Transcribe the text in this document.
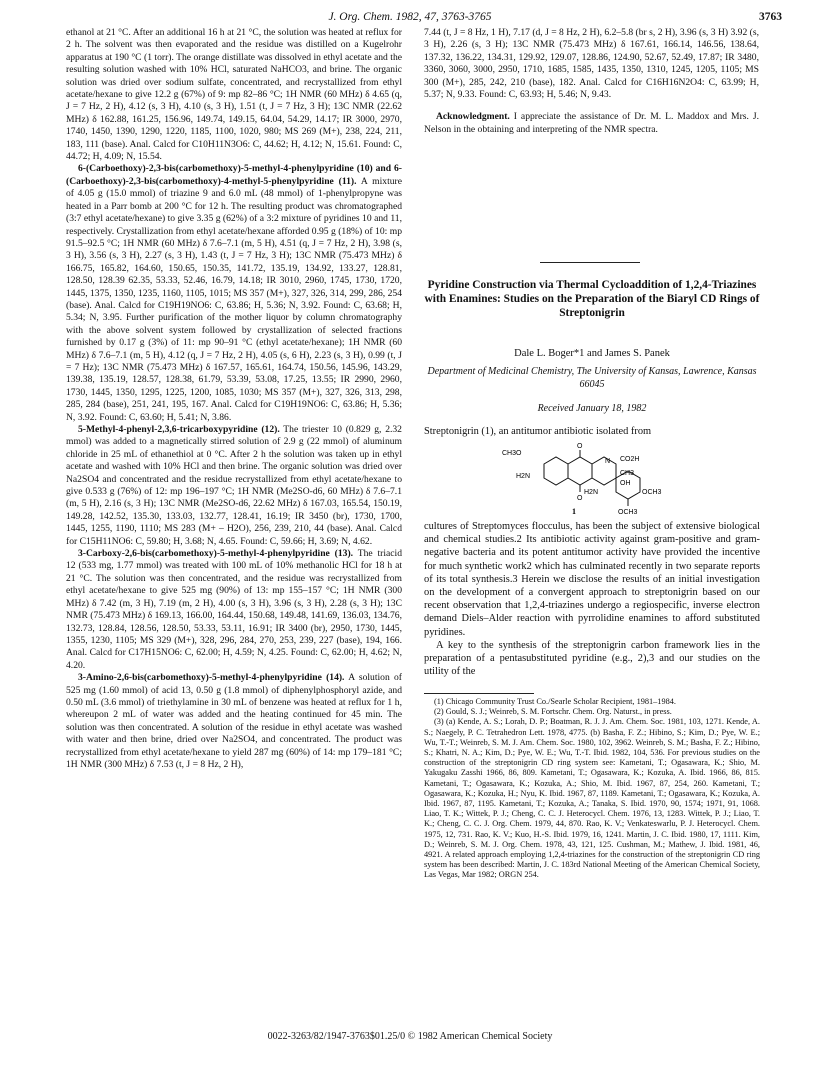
J. Org. Chem. 1982, 47, 3763-3765	3763

ethanol at 21 °C. After an additional 16 h at 21 °C, the solution was heated at reflux for 2 h. The solvent was then evaporated and the residue was distilled on a Kugelrohr apparatus at 190 °C (1 torr). The orange distillate was dissolved in ethyl acetate and the resulting solution washed with 10% HCl, saturated NaHCO3, and brine. The organic solution was dried over sodium sulfate, concentrated, and recrystallized from ethyl acetate/hexane to give 12.2 g (67%) of 9: mp 82–86 °C; 1H NMR (60 MHz) δ 4.65 (q, J = 7 Hz, 2 H), 4.12 (s, 3 H), 4.10 (s, 3 H), 1.51 (t, J = 7 Hz, 3 H); 13C NMR (22.62 MHz) δ 162.88, 161.25, 156.96, 149.74, 149.15, 64.04, 54.29, 14.17; IR 3000, 2970, 1740, 1450, 1390, 1290, 1220, 1185, 1100, 1020, 980; MS 269 (M+), 238, 224, 211, 183, 111 (base). Anal. Calcd for C10H11N3O6: C, 44.62; H, 4.12; N, 15.61. Found: C, 44.72; H, 4.09; N, 15.54.

6-(Carboethoxy)-2,3-bis(carbomethoxy)-5-methyl-4-phenylpyridine (10) and 6-(Carboethoxy)-2,3-bis(carbomethoxy)-4-methyl-5-phenylpyridine (11). A mixture of 4.05 g (15.0 mmol) of triazine 9 and 6.0 mL (48 mmol) of 1-phenylpropyne was heated in a Parr bomb at 200 °C for 12 h. The resulting product was chromatographed (3:7 ethyl acetate/hexane) to give 3.35 g (62%) of a 3:2 mixture of pyridines 10 and 11, respectively. Crystallization from ethyl acetate/hexane afforded 0.95 g (18%) of 10: mp 91.5–92.5 °C; 1H NMR (60 MHz) δ 7.6–7.1 (m, 5 H), 4.51 (q, J = 7 Hz, 2 H), 3.98 (s, 3 H), 3.56 (s, 3 H), 2.27 (s, 3 H), 1.43 (t, J = 7 Hz, 3 H); 13C NMR (75.473 MHz) δ 166.75, 165.82, 164.60, 150.65, 150.35, 141.72, 135.19, 134.92, 133.27, 128.81, 128.50, 128.39 62.35, 53.33, 52.46, 16.79, 14.18; IR 3010, 2960, 1745, 1730, 1720, 1445, 1375, 1350, 1235, 1160, 1105, 1015; MS 357 (M+), 327, 326, 314, 299, 286, 254 (base). Anal. Calcd for C19H19NO6: C, 63.86; H, 5.36; N, 3.92. Found: C, 63.68; H, 5.34; N, 3.95. Further purification of the mother liquor by column chromatography with the above solvent system followed by crystallization of selected fractions furnished by 0.17 g (3%) of 11: mp 90–91 °C (ethyl acetate/hexane); 1H NMR (60 MHz) δ 7.6–7.1 (m, 5 H), 4.12 (q, J = 7 Hz, 2 H), 4.05 (s, 6 H), 2.23 (s, 3 H), 0.99 (t, J = 7 Hz); 13C NMR (75.473 MHz) δ 167.57, 165.61, 164.74, 150.56, 145.96, 143.29, 139.38, 135.19, 128.57, 128.38, 61.79, 53.39, 53.08, 17.25, 13.55; IR 2990, 2960, 1730, 1445, 1350, 1295, 1225, 1200, 1085, 1030; MS 357 (M+), 327, 326, 313, 298, 285, 284 (base), 251, 241, 195, 167. Anal. Calcd for C19H19NO6: C, 63.86; H, 5.36; N, 3.92. Found: C, 63.60; H, 5.41; N, 3.86.

5-Methyl-4-phenyl-2,3,6-tricarboxypyridine (12). The triester 10 (0.829 g, 2.32 mmol) was added to a magnetically stirred solution of 2.9 g (22 mmol) of aluminum chloride in 25 mL of ethanethiol at 0 °C. After 2 h the solution was taken up in ethyl acetate and washed with 10% HCl and then brine. The organic solution was dried over Na2SO4 and concentrated and the residue recrystallized from ethyl acetate/hexane to give 0.533 g (76%) of 12: mp 196–197 °C; 1H NMR (Me2SO-d6, 60 MHz) δ 7.6–7.1 (m, 5 H), 2.16 (s, 3 H); 13C NMR (Me2SO-d6, 22.62 MHz) δ 167.03, 165.54, 150.19, 149.28, 142.52, 135.30, 133.03, 132.77, 128.41, 16.19; IR 3450 (br), 1730, 1700, 1445, 1255, 1190, 1110; MS 283 (M+ – H2O), 256, 239, 210, 44 (base). Anal. Calcd for C15H11NO6: C, 59.80; H, 3.68; N, 4.65. Found: C, 59.66; H, 3.69; N, 4.62.

3-Carboxy-2,6-bis(carbomethoxy)-5-methyl-4-phenylpyridine (13). The triacid 12 (533 mg, 1.77 mmol) was treated with 100 mL of 10% methanolic HCl for 18 h at 21 °C. The solution was then concentrated, and the residue was recrystallized from ethyl acetate/hexane to give 525 mg (90%) of 13: mp 155–157 °C; 1H NMR (300 MHz) δ 7.42 (m, 3 H), 7.19 (m, 2 H), 4.00 (s, 3 H), 3.96 (s, 3 H), 2.28 (s, 3 H); 13C NMR (75.473 MHz) δ 169.13, 166.00, 164.44, 150.68, 149.48, 141.69, 136.03, 134.76, 132.73, 128.84, 128.56, 128.50, 53.33, 53.11, 16.91; IR 3400 (br), 2950, 1730, 1445, 1355, 1230, 1105; MS 329 (M+), 328, 296, 284, 270, 253, 239, 227 (base), 194, 166. Anal. Calcd for C17H15NO6: C, 62.00; H, 4.59; N, 4.25. Found: C, 62.00; H, 4.62; N, 4.20.

3-Amino-2,6-bis(carbomethoxy)-5-methyl-4-phenylpyridine (14). A solution of 525 mg (1.60 mmol) of acid 13, 0.50 g (1.8 mmol) of diphenylphosphoryl azide, and 0.50 mL (3.6 mmol) of triethylamine in 30 mL of benzene was heated at reflux for 1 h, whereupon 2 mL of water was added and the heating continued for 45 min. The solution was then concentrated. A solution of the residue in ethyl acetate was washed with water and then brine, dried over Na2SO4, and concentrated. The product was recrystallized from ethyl acetate/hexane to yield 287 mg (60%) of 14: mp 179–181 °C; 1H NMR (300 MHz) δ 7.53 (t, J = 8 Hz, 2 H),

7.44 (t, J = 8 Hz, 1 H), 7.17 (d, J = 8 Hz, 2 H), 6.2–5.8 (br s, 2 H), 3.96 (s, 3 H) 3.92 (s, 3 H), 2.26 (s, 3 H); 13C NMR (75.473 MHz) δ 167.61, 166.14, 146.56, 138.64, 137.32, 136.22, 134.31, 129.92, 129.07, 128.86, 124.90, 52.67, 52.49, 17.87; IR 3480, 3360, 3060, 3000, 2950, 1710, 1685, 1585, 1435, 1350, 1310, 1245, 1205, 1105; MS 300 (M+), 285, 242, 210 (base), 182. Anal. Calcd for C16H16N2O4: C, 63.99; H, 5.37; N, 9.33. Found: C, 63.93; H, 5.46; N, 9.43.

Acknowledgment. I appreciate the assistance of Dr. M. L. Maddox and Mrs. J. Nelson in the obtaining and interpreting of the NMR spectra.

Pyridine Construction via Thermal Cycloaddition of 1,2,4-Triazines with Enamines: Studies on the Preparation of the Biaryl CD Rings of Streptonigrin
Dale L. Boger*1 and James S. Panek
Department of Medicinal Chemistry, The University of Kansas, Lawrence, Kansas 66045
Received January 18, 1982
Streptonigrin (1), an antitumor antibiotic isolated from
CH3O
H2N
O
O
N
H2N
CO2H
CH3
OH
OCH3
OCH3
1

cultures of Streptomyces flocculus, has been the subject of extensive biological and chemical studies.2 Its antibiotic activity against gram-positive and gram-negative bacteria and its potent antitumor activity have provided the incentive for much synthetic work2 which has culminated recently in two separate reports of its total synthesis.3 Herein we disclose the results of an initial investigation on the development of a convergent approach to streptonigrin based on our recent observation that 1,2,4-triazines undergo a regiospecific, inverse electron demand Diels–Alder reaction with pyrrolidine enamines to afford substituted pyridines.

A key to the synthesis of the streptonigrin carbon framework lies in the preparation of a pentasubstituted pyridine (e.g., 2),3 and our studies on the utility of the

(1) Chicago Community Trust Co./Searle Scholar Recipient, 1981–1984.

(2) Gould, S. J.; Weinreb, S. M. Fortschr. Chem. Org. Naturst., in press.

(3) (a) Kende, A. S.; Lorah, D. P.; Boatman, R. J. J. Am. Chem. Soc. 1981, 103, 1271. Kende, A. S.; Naegely, P. C. Tetrahedron Lett. 1978, 4775. (b) Basha, F. Z.; Hibino, S.; Kim, D.; Pye, W. E.; Wu, T.-T.; Weinreb, S. M. J. Am. Chem. Soc. 1980, 102, 3962. Weinreb, S. M.; Basha, F. Z.; Hibino, S.; Khatri, N. A.; Kim, D.; Pye, W. E.; Wu, T.-T. Ibid. 1982, 104, 536. For previous studies on the construction of the streptonigrin CD ring system see: Kametani, T.; Ogasawara, K.; Shio, M. Yakugaku Zasshi 1966, 86, 809. Kametani, T.; Ogasawara, K.; Kozuka, A. Ibid. 1966, 86, 815. Kametani, T.; Ogasawara, K.; Kozuka, A.; Shio, M. Ibid. 1967, 87, 254, 260. Kametani, T.; Ogasawara, K.; Kozuka, H.; Nyu, K. Ibid. 1967, 87, 1189. Kametani, T.; Ogasawara, K.; Kozuka, A. Ibid. 1967, 87, 1195. Kametani, T.; Kozuka, A.; Tanaka, S. Ibid. 1970, 90, 1574; 1971, 91, 1068. Liao, T. K.; Wittek, P. J.; Cheng, C. C. J. Heterocycl. Chem. 1976, 13, 1283. Wittek, P. J.; Liao, T. K.; Cheng, C. C. J. Org. Chem. 1979, 44, 870. Rao, K. V.; Venkateswarlu, P. J. Heterocycl. Chem. 1975, 12, 731. Rao, K. V.; Kuo, H.-S. Ibid. 1979, 16, 1241. Martin, J. C. Ibid. 1980, 17, 1111. Kim, D.; Weinreb, S. M. J. Org. Chem. 1978, 43, 121, 125. Cushman, M.; Mathew, J. Ibid. 1981, 46, 4921. A related approach employing 1,2,4-triazines for the construction of the streptonigrin CD ring system has been described: Martin, J. C. 183rd National Meeting of the American Chemical Society, Las Vegas, Mar 1982; ORGN 254.

0022-3263/82/1947-3763$01.25/0 © 1982 American Chemical Society
